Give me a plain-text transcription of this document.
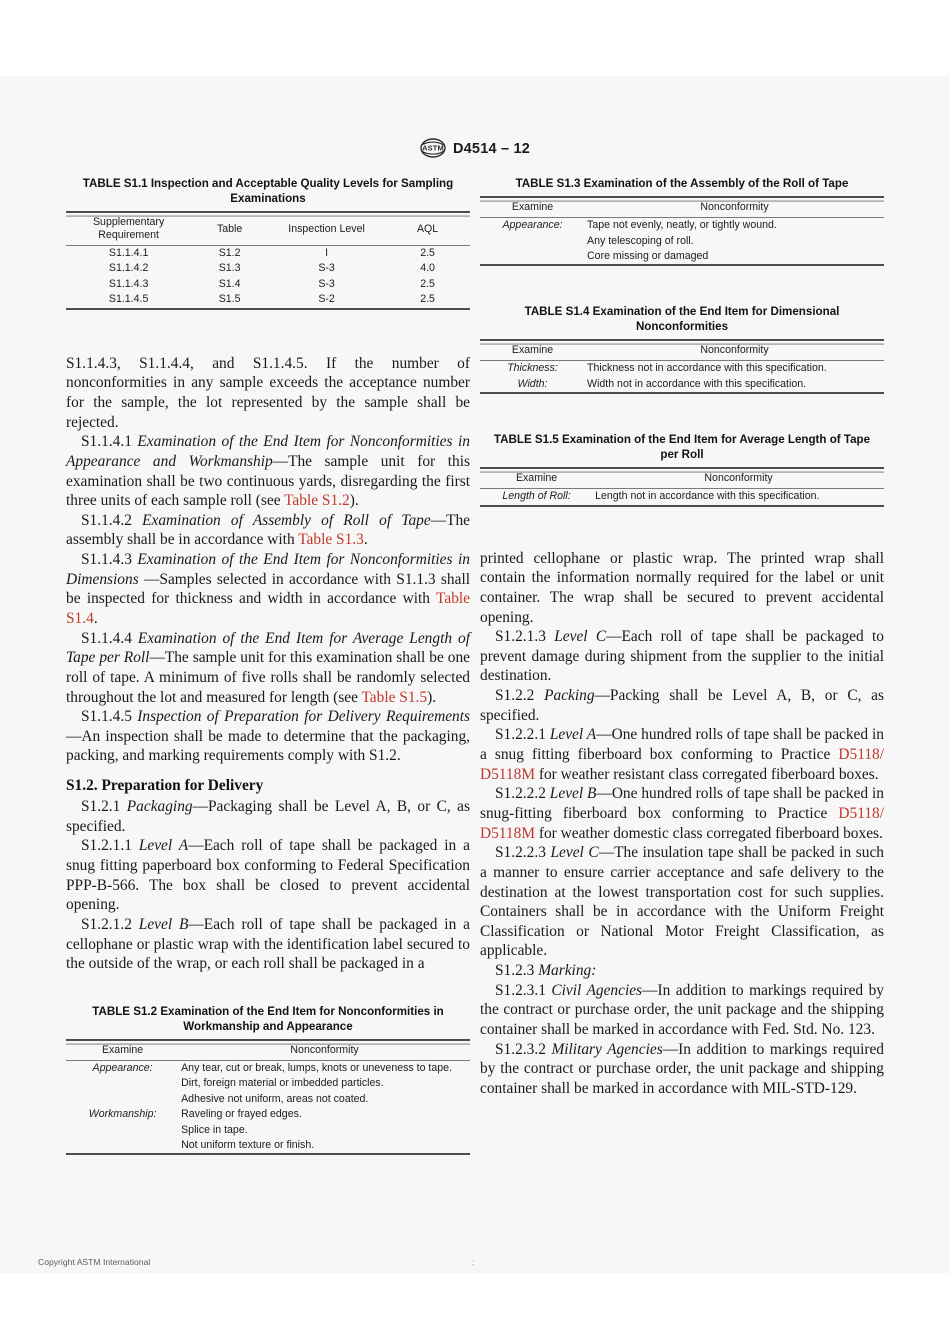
ASTM D4514 – 12
TABLE S1.1 Inspection and Acceptable Quality Levels for Sampling Examinations
Supplementary Requirement	Table	Inspection Level	AQL
S1.1.4.1	S1.2	I	2.5
S1.1.4.2	S1.3	S-3	4.0
S1.1.4.3	S1.4	S-3	2.5
S1.1.4.5	S1.5	S-2	2.5

S1.1.4.3, S1.1.4.4, and S1.1.4.5. If the number of nonconformities in any sample exceeds the acceptance number for the sample, the lot represented by the sample shall be rejected.

S1.1.4.1 Examination of the End Item for Nonconformities in Appearance and Workmanship—The sample unit for this examination shall be two continuous yards, disregarding the first three units of each sample roll (see Table S1.2).

S1.1.4.2 Examination of Assembly of Roll of Tape—The assembly shall be in accordance with Table S1.3.

S1.1.4.3 Examination of the End Item for Nonconformities in Dimensions —Samples selected in accordance with S1.1.3 shall be inspected for thickness and width in accordance with Table S1.4.

S1.1.4.4 Examination of the End Item for Average Length of Tape per Roll—The sample unit for this examination shall be one roll of tape. A minimum of five rolls shall be randomly selected throughout the lot and measured for length (see Table S1.5).

S1.1.4.5 Inspection of Preparation for Delivery Requirements—An inspection shall be made to determine that the packaging, packing, and marking requirements comply with S1.2.

S1.2. Preparation for Delivery

S1.2.1 Packaging—Packaging shall be Level A, B, or C, as specified.

S1.2.1.1 Level A—Each roll of tape shall be packaged in a snug fitting paperboard box conforming to Federal Specification PPP-B-566. The box shall be closed to prevent accidental opening.

S1.2.1.2 Level B—Each roll of tape shall be packaged in a cellophane or plastic wrap with the identification label secured to the outside of the wrap, or each roll shall be packaged in a

TABLE S1.2 Examination of the End Item for Nonconformities in Workmanship and Appearance
Examine	Nonconformity
Appearance:	Any tear, cut or break, lumps, knots or uneveness to tape.

	Dirt, foreign material or imbedded particles.

	Adhesive not uniform, areas not coated.

Workmanship:	Raveling or frayed edges.

	Splice in tape.

	Not uniform texture or finish.
TABLE S1.3 Examination of the Assembly of the Roll of Tape
Examine	Nonconformity
Appearance:	Tape not evenly, neatly, or tightly wound.
	Any telescoping of roll.
	Core missing or damaged
TABLE S1.4 Examination of the End Item for Dimensional Nonconformities
Examine	Nonconformity
Thickness:	Thickness not in accordance with this specification.
Width:	Width not in accordance with this specification.
TABLE S1.5 Examination of the End Item for Average Length of Tape per Roll
Examine	Nonconformity
Length of Roll:	Length not in accordance with this specification.

printed cellophane or plastic wrap. The printed wrap shall contain the information normally required for the label or unit container. The wrap shall be secured to prevent accidental opening.

S1.2.1.3 Level C—Each roll of tape shall be packaged to prevent damage during shipment from the supplier to the initial destination.

S1.2.2 Packing—Packing shall be Level A, B, or C, as specified.

S1.2.2.1 Level A—One hundred rolls of tape shall be packed in a snug fitting fiberboard box conforming to Practice D5118/ D5118M for weather resistant class corregated fiberboard boxes.

S1.2.2.2 Level B—One hundred rolls of tape shall be packed in snug-fitting fiberboard box conforming to Practice D5118/ D5118M for weather domestic class corregated fiberboard boxes.

S1.2.2.3 Level C—The insulation tape shall be packed in such a manner to ensure carrier acceptance and safe delivery to the destination at the lowest transportation cost for such supplies. Containers shall be in accordance with the Uniform Freight Classification or National Motor Freight Classification, as applicable.

S1.2.3 Marking:

S1.2.3.1 Civil Agencies—In addition to markings required by the contract or purchase order, the unit package and the shipping container shall be marked in accordance with Fed. Std. No. 123.

S1.2.3.2 Military Agencies—In addition to markings required by the contract or purchase order, the unit package and shipping container shall be marked in accordance with MIL-STD-129.

Copyright ASTM International	;
